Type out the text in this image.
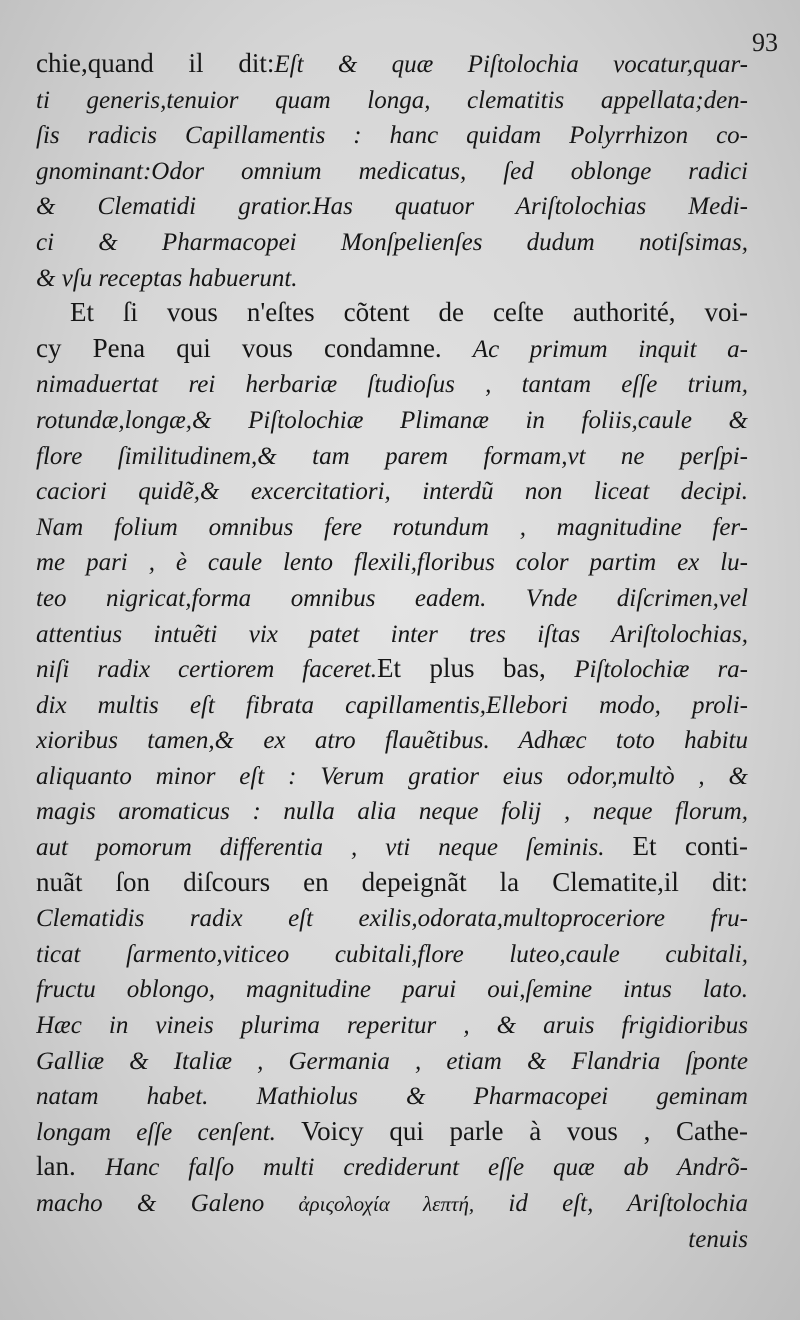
93
chie,quand il dit:Eſt & quæ Piſtolochia vocatur,quar-
ti generis,tenuior quam longa, clematitis appellata;den-
ſis radicis Capillamentis : hanc quidam Polyrrhizon co-
gnominant:Odor omnium medicatus, ſed oblonge radici
& Clematidi gratior.Has quatuor Ariſtolochias Medi-
ci & Pharmacopei Monſpelienſes dudum notiſsimas,
& vſu receptas habuerunt.
Et ſi vous n'eſtes cõtent de ceſte authorité, voi-
cy Pena qui vous condamne. Ac primum inquit a-
nimaduertat rei herbariæ ſtudioſus , tantam eſſe trium,
rotundæ,longæ,& Piſtolochiæ Plimanæ in foliis,caule &
flore ſimilitudinem,& tam parem formam,vt ne perſpi-
caciori quidẽ,& excercitatiori, interdũ non liceat decipi.
Nam folium omnibus fere rotundum , magnitudine fer-
me pari , è caule lento flexili,floribus color partim ex lu-
teo nigricat,forma omnibus eadem. Vnde diſcrimen,vel
attentius intuẽti vix patet inter tres iſtas Ariſtolochias,
niſi radix certiorem faceret.Et plus bas, Piſtolochiæ ra-
dix multis eſt fibrata capillamentis,Ellebori modo, proli-
xioribus tamen,& ex atro flauẽtibus. Adhæc toto habitu
aliquanto minor eſt : Verum gratior eius odor,multò , &
magis aromaticus : nulla alia neque folij , neque florum,
aut pomorum differentia , vti neque ſeminis. Et conti-
nuãt ſon diſcours en depeignãt la Clematite,il dit:
Clematidis radix eſt exilis,odorata,multoproceriore fru-
ticat ſarmento,viticeo cubitali,flore luteo,caule cubitali,
fructu oblongo, magnitudine parui oui,ſemine intus lato.
Hæc in vineis plurima reperitur , & aruis frigidioribus
Galliæ & Italiæ , Germania , etiam & Flandria ſponte
natam habet. Mathiolus & Pharmacopei geminam
longam eſſe cenſent. Voicy qui parle à vous , Cathe-
lan. Hanc falſo multi crediderunt eſſe quæ ab Andrõ-
macho & Galeno ἀριςολοχία λεπτή, id eſt, Ariſtolochia
tenuis
